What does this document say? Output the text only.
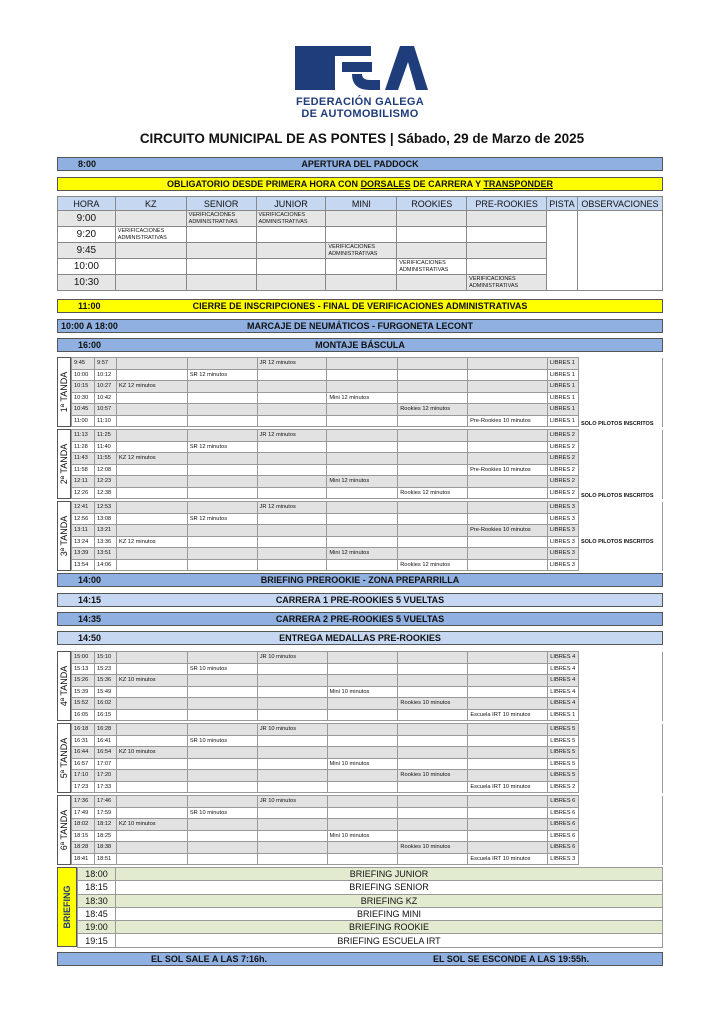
FEDERACIÓN GALEGA
DE AUTOMOBILISMO
CIRCUITO MUNICIPAL DE AS PONTES | Sábado, 29 de Marzo de 2025
8:00	APERTURA DEL PADDOCK
OBLIGATORIO DESDE PRIMERA HORA CON DORSALES DE CARRERA Y TRANSPONDER
HORA	KZ	SENIOR	JUNIOR	MINI	ROOKIES	PRE-ROOKIES	PISTA	OBSERVACIONES
9:00		VERIFICACIONES ADMINISTRATIVAS	VERIFICACIONES ADMINISTRATIVAS					
9:20	VERIFICACIONES ADMINISTRATIVAS							
9:45				VERIFICACIONES ADMINISTRATIVAS				
10:00					VERIFICACIONES ADMINISTRATIVAS			
10:30						VERIFICACIONES ADMINISTRATIVAS		
11:00	CIERRE DE INSCRIPCIONES - FINAL DE VERIFICACIONES ADMINISTRATIVAS
10:00 A 18:00	MARCAJE DE NEUMÁTICOS - FURGONETA LECONT
16:00	MONTAJE BÁSCULA
1ª TANDA
9:45	9:57			JR 12 minutos				LIBRES 1	SOLO PILOTOS INSCRITOS
10:00	10:12		SR 12 minutos					LIBRES 1	
10:15	10:27	KZ 12 minutos						LIBRES 1	
10:30	10:42				Mini 12 minutos			LIBRES 1	
10:45	10:57					Rookies 12 minutos		LIBRES 1	
11:00	11:10						Pre-Rookies 10 minutos	LIBRES 1	
2ª TANDA
11:13	11:25			JR 12 minutos				LIBRES 2	SOLO PILOTOS INSCRITOS
11:28	11:40		SR 12 minutos					LIBRES 2	
11:43	11:55	KZ 12 minutos						LIBRES 2	
11:58	12:08						Pre-Rookies 10 minutos	LIBRES 2	
12:11	12:23				Mini 12 minutos			LIBRES 2	
12:26	12:38					Rookies 12 minutos		LIBRES 2	
3ª TANDA
12:41	12:53			JR 12 minutos				LIBRES 3	SOLO PILOTOS INSCRITOS
12:56	13:08		SR 12 minutos					LIBRES 3	
13:11	13:21						Pre-Rookies 10 minutos	LIBRES 3	
13:24	13:36	KZ 12 minutos						LIBRES 3	
13:39	13:51				Mini 12 minutos			LIBRES 3	
13:54	14:06					Rookies 12 minutos		LIBRES 3	
4ª TANDA
15:00	15:10			JR 10 minutos				LIBRES 4	
15:13	15:23		SR 10 minutos					LIBRES 4	
15:26	15:36	KZ 10 minutos						LIBRES 4	
15:39	15:49				Mini 10 minutos			LIBRES 4	
15:52	16:02					Rookies 10 minutos		LIBRES 4	
16:05	16:15						Escuela IRT 10 minutos	LIBRES 1	
5ª TANDA
16:18	16:28			JR 10 minutos				LIBRES 5	
16:31	16:41		SR 10 minutos					LIBRES 5	
16:44	16:54	KZ 10 minutos						LIBRES 5	
16:57	17:07				Mini 10 minutos			LIBRES 5	
17:10	17:20					Rookies 10 minutos		LIBRES 5	
17:23	17:33						Escuela IRT 10 minutos	LIBRES 2	
6ª TANDA
17:36	17:46			JR 10 minutos				LIBRES 6	
17:49	17:59		SR 10 minutos					LIBRES 6	
18:02	18:12	KZ 10 minutos						LIBRES 6	
18:15	18:25				Mini 10 minutos			LIBRES 6	
18:28	18:38					Rookies 10 minutos		LIBRES 6	
18:41	18:51						Escuela IRT 10 minutos	LIBRES 3	
14:00	BRIEFING PREROOKIE - ZONA PREPARRILLA
14:15	CARRERA 1 PRE-ROOKIES 5 VUELTAS
14:35	CARRERA 2 PRE-ROOKIES 5 VUELTAS
14:50	ENTREGA MEDALLAS PRE-ROOKIES
BRIEFING
18:00	BRIEFING JUNIOR
18:15	BRIEFING SENIOR
18:30	BRIEFING KZ
18:45	BRIEFING MINI
19:00	BRIEFING ROOKIE
19:15	BRIEFING ESCUELA IRT
EL SOL SALE A LAS 7:16h.	EL SOL SE ESCONDE A LAS 19:55h.
